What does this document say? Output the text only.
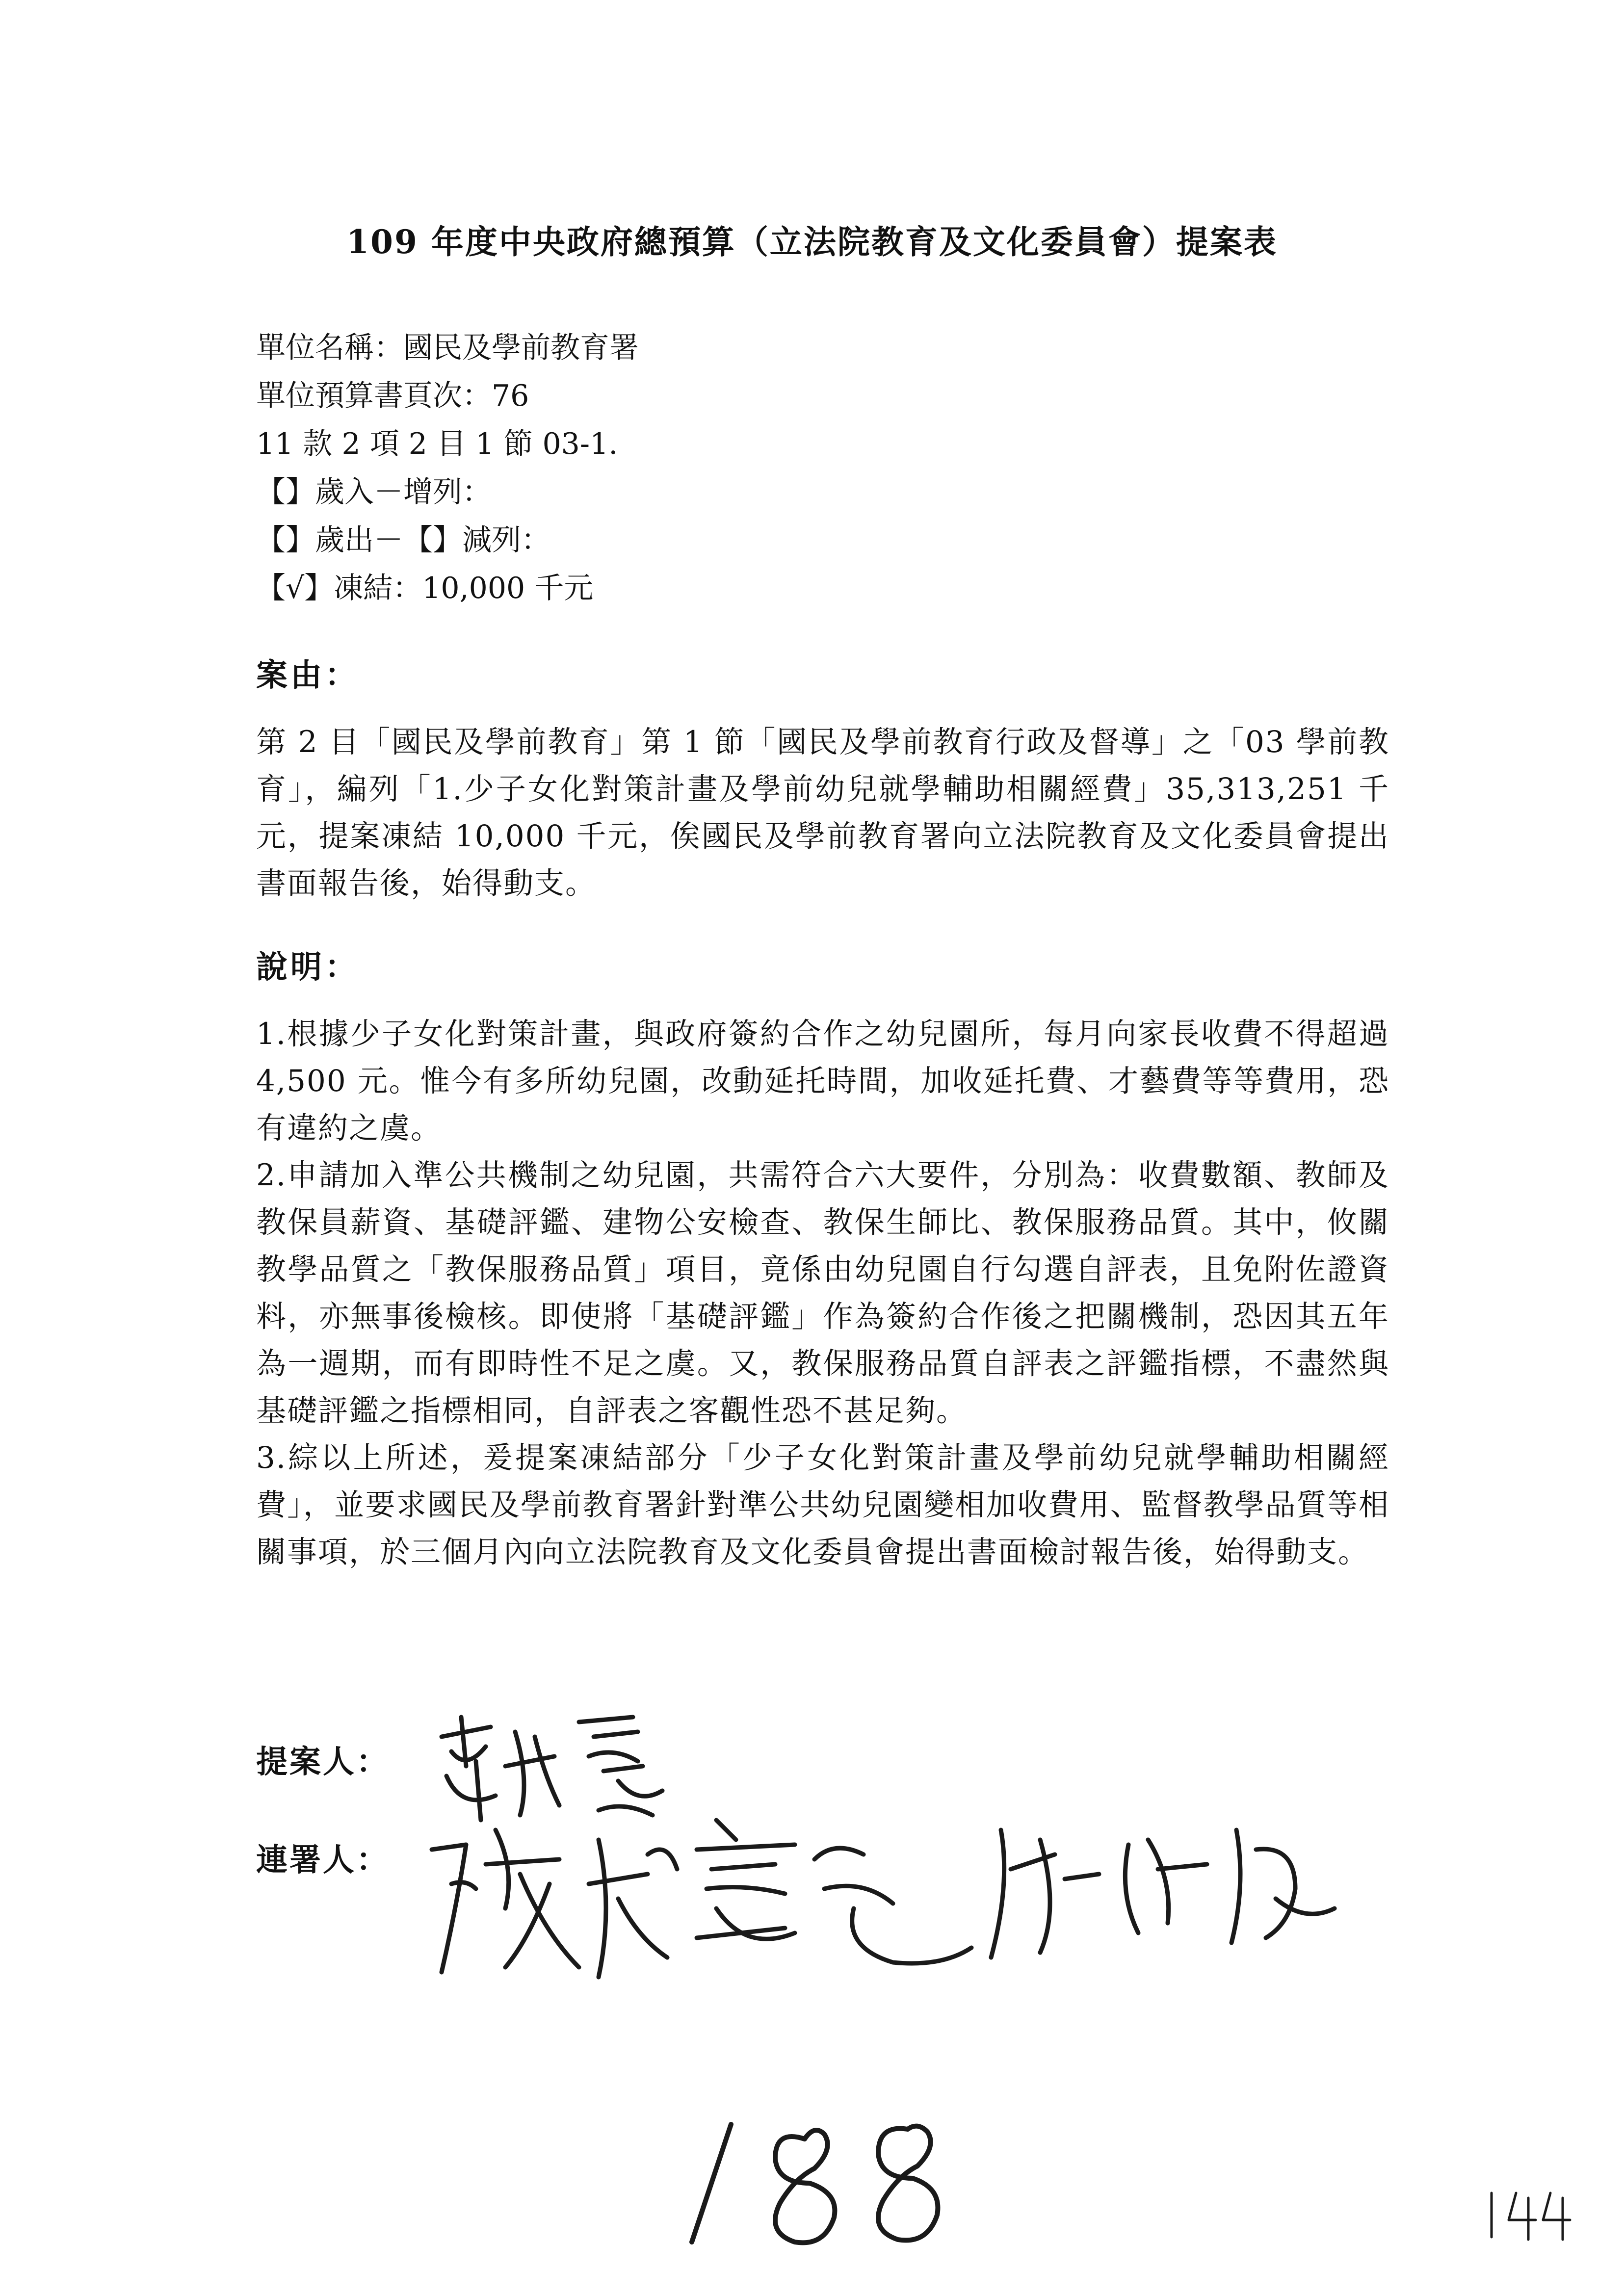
109 年度中央政府總預算（立法院教育及文化委員會）提案表
單位名稱：國民及學前教育署
單位預算書頁次：76
11 款 2 項 2 目 1 節 03-1.
【】歲入－增列：
【】歲出－【】減列：
【√】凍結：10,000 千元
案由：

第 2 目「國民及學前教育」第 1 節「國民及學前教育行政及督導」之「03 學前教育」，編列「1.少子女化對策計畫及學前幼兒就學輔助相關經費」35,313,251 千元，提案凍結 10,000 千元，俟國民及學前教育署向立法院教育及文化委員會提出書面報告後，始得動支。

說明：

1.根據少子女化對策計畫，與政府簽約合作之幼兒園所，每月向家長收費不得超過 4,500 元。惟今有多所幼兒園，改動延托時間，加收延托費、才藝費等等費用，恐有違約之虞。

2.申請加入準公共機制之幼兒園，共需符合六大要件，分別為：收費數額、教師及教保員薪資、基礎評鑑、建物公安檢查、教保生師比、教保服務品質。其中，攸關教學品質之「教保服務品質」項目，竟係由幼兒園自行勾選自評表，且免附佐證資料，亦無事後檢核。即使將「基礎評鑑」作為簽約合作後之把關機制，恐因其五年為一週期，而有即時性不足之虞。又，教保服務品質自評表之評鑑指標，不盡然與基礎評鑑之指標相同，自評表之客觀性恐不甚足夠。

3.綜以上所述，爰提案凍結部分「少子女化對策計畫及學前幼兒就學輔助相關經費」，並要求國民及學前教育署針對準公共幼兒園變相加收費用、監督教學品質等相關事項，於三個月內向立法院教育及文化委員會提出書面檢討報告後，始得動支。

提案人：
連署人：
